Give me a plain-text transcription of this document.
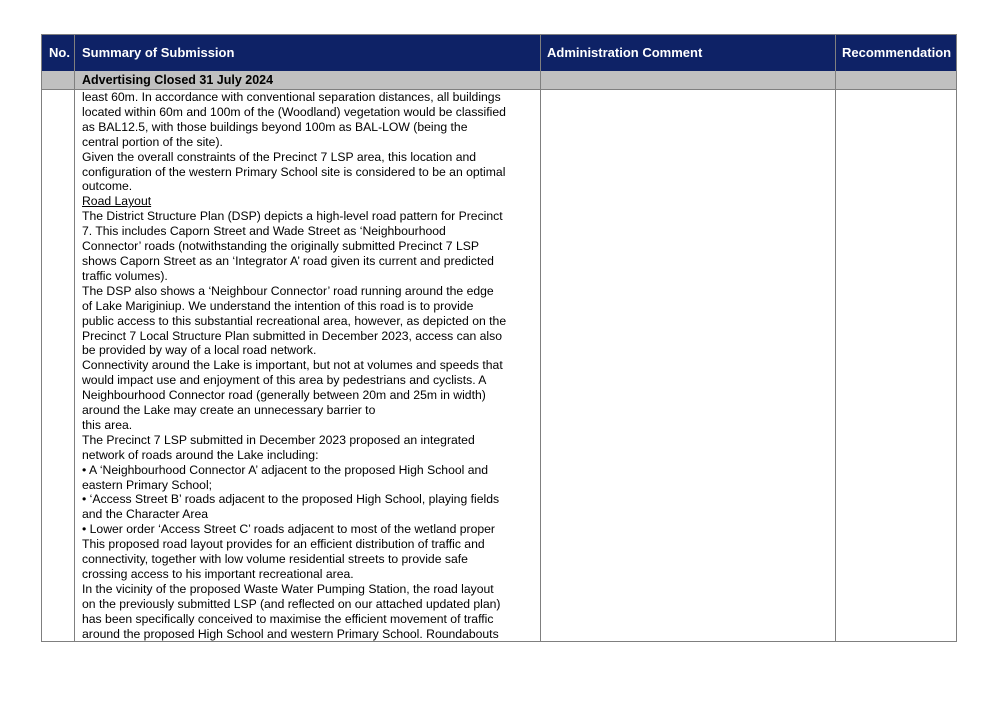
No. Summary of Submission	Administration Comment	Recommendation
Advertising Closed 31 July 2024
least 60m. In accordance with conventional separation distances, all buildings
located within 60m and 100m of the (Woodland) vegetation would be classified
as BAL12.5, with those buildings beyond 100m as BAL-LOW (being the
central portion of the site).
Given the overall constraints of the Precinct 7 LSP area, this location and
configuration of the western Primary School site is considered to be an optimal
outcome.
Road Layout
The District Structure Plan (DSP) depicts a high-level road pattern for Precinct
7. This includes Caporn Street and Wade Street as ‘Neighbourhood
Connector’ roads (notwithstanding the originally submitted Precinct 7 LSP
shows Caporn Street as an ‘Integrator A’ road given its current and predicted
traffic volumes).
The DSP also shows a ‘Neighbour Connector’ road running around the edge
of Lake Mariginiup. We understand the intention of this road is to provide
public access to this substantial recreational area, however, as depicted on the
Precinct 7 Local Structure Plan submitted in December 2023, access can also
be provided by way of a local road network.
Connectivity around the Lake is important, but not at volumes and speeds that
would impact use and enjoyment of this area by pedestrians and cyclists. A
Neighbourhood Connector road (generally between 20m and 25m in width)
around the Lake may create an unnecessary barrier to
this area.
The Precinct 7 LSP submitted in December 2023 proposed an integrated
network of roads around the Lake including:
• A ‘Neighbourhood Connector A’ adjacent to the proposed High School and
eastern Primary School;
• ‘Access Street B’ roads adjacent to the proposed High School, playing fields
and the Character Area
• Lower order ‘Access Street C’ roads adjacent to most of the wetland proper
This proposed road layout provides for an efficient distribution of traffic and
connectivity, together with low volume residential streets to provide safe
crossing access to his important recreational area.
In the vicinity of the proposed Waste Water Pumping Station, the road layout
on the previously submitted LSP (and reflected on our attached updated plan)
has been specifically conceived to maximise the efficient movement of traffic
around the proposed High School and western Primary School. Roundabouts
